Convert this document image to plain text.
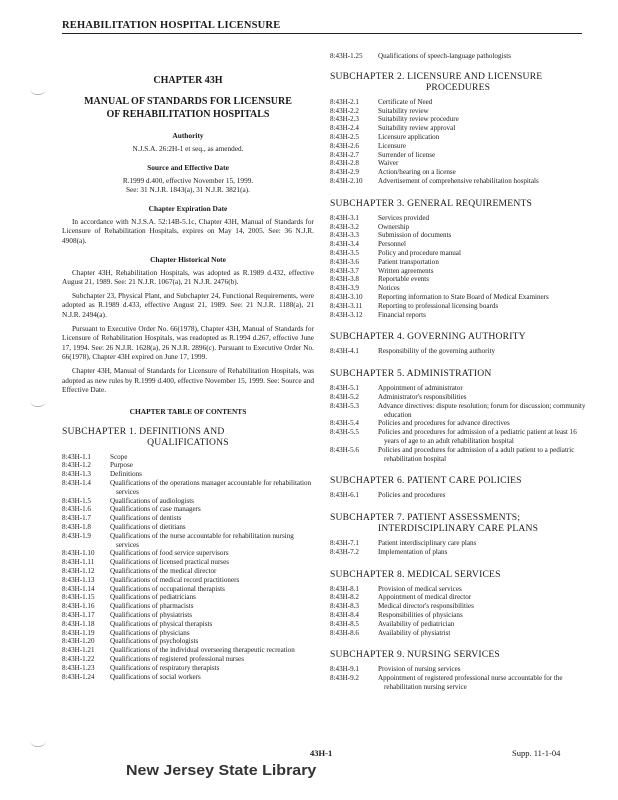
REHABILITATION HOSPITAL LICENSURE
CHAPTER 43H
MANUAL OF STANDARDS FOR LICENSURE
OF REHABILITATION HOSPITALS
Authority
N.J.S.A. 26:2H-1 et seq., as amended.
Source and Effective Date
R.1999 d.400, effective November 15, 1999.
See: 31 N.J.R. 1843(a), 31 N.J.R. 3821(a).
Chapter Expiration Date
In accordance with N.J.S.A. 52:14B-5.1c, Chapter 43H, Manual of Standards for Licensure of Rehabilitation Hospitals, expires on May 14, 2005. See: 36 N.J.R. 4908(a).
Chapter Historical Note
Chapter 43H, Rehabilitation Hospitals, was adopted as R.1989 d.432, effective August 21, 1989. See: 21 N.J.R. 1067(a), 21 N.J.R. 2476(b).
Subchapter 23, Physical Plant, and Subchapter 24, Functional Requirements, were adopted as R.1989 d.433, effective August 21, 1989. See: 21 N.J.R. 1188(a), 21 N.J.R. 2494(a).
Pursuant to Executive Order No. 66(1978), Chapter 43H, Manual of Standards for Licensure of Rehabilitation Hospitals, was readopted as R.1994 d.267, effective June 17, 1994. See: 26 N.J.R. 1628(a), 26 N.J.R. 2896(c). Pursuant to Executive Order No. 66(1978), Chapter 43H expired on June 17, 1999.
Chapter 43H, Manual of Standards for Licensure of Rehabilitation Hospitals, was adopted as new rules by R.1999 d.400, effective November 15, 1999. See: Source and Effective Date.
CHAPTER TABLE OF CONTENTS
SUBCHAPTER 1. DEFINITIONS AND
QUALIFICATIONS
8:43H-1.1	Scope
8:43H-1.2	Purpose
8:43H-1.3	Definitions
8:43H-1.4	Qualifications of the operations manager accountable for rehabilitation services
8:43H-1.5	Qualifications of audiologists
8:43H-1.6	Qualifications of case managers
8:43H-1.7	Qualifications of dentists
8:43H-1.8	Qualifications of dietitians
8:43H-1.9	Qualifications of the nurse accountable for rehabilitation nursing services
8:43H-1.10	Qualifications of food service supervisors
8:43H-1.11	Qualifications of licensed practical nurses
8:43H-1.12	Qualifications of the medical director
8:43H-1.13	Qualifications of medical record practitioners
8:43H-1.14	Qualifications of occupational therapists
8:43H-1.15	Qualifications of pediatricians
8:43H-1.16	Qualifications of pharmacists
8:43H-1.17	Qualifications of physiatrists
8:43H-1.18	Qualifications of physical therapists
8:43H-1.19	Qualifications of physicians
8:43H-1.20	Qualifications of psychologists
8:43H-1.21	Qualifications of the individual overseeing therapeutic recreation
8:43H-1.22	Qualifications of registered professional nurses
8:43H-1.23	Qualifications of respiratory therapists
8:43H-1.24	Qualifications of social workers
8:43H-1.25	Qualifications of speech-language pathologists
SUBCHAPTER 2. LICENSURE AND LICENSURE
PROCEDURES
8:43H-2.1	Certificate of Need
8:43H-2.2	Suitability review
8:43H-2.3	Suitability review procedure
8:43H-2.4	Suitability review approval
8:43H-2.5	Licensure application
8:43H-2.6	Licensure
8:43H-2.7	Surrender of license
8:43H-2.8	Waiver
8:43H-2.9	Action/hearing on a license
8:43H-2.10	Advertisement of comprehensive rehabilitation hospitals
SUBCHAPTER 3. GENERAL REQUIREMENTS
8:43H-3.1	Services provided
8:43H-3.2	Ownership
8:43H-3.3	Submission of documents
8:43H-3.4	Personnel
8:43H-3.5	Policy and procedure manual
8:43H-3.6	Patient transportation
8:43H-3.7	Written agreements
8:43H-3.8	Reportable events
8:43H-3.9	Notices
8:43H-3.10	Reporting information to State Board of Medical Examiners
8:43H-3.11	Reporting to professional licensing boards
8:43H-3.12	Financial reports
SUBCHAPTER 4. GOVERNING AUTHORITY
8:43H-4.1	Responsibility of the governing authority
SUBCHAPTER 5. ADMINISTRATION
8:43H-5.1	Appointment of administrator
8:43H-5.2	Administrator's responsibilities
8:43H-5.3	Advance directives: dispute resolution; forum for discussion; community education
8:43H-5.4	Policies and procedures for advance directives
8:43H-5.5	Policies and procedures for admission of a pediatric patient at least 16 years of age to an adult rehabilitation hospital
8:43H-5.6	Policies and procedures for admission of a adult patient to a pediatric rehabilitation hospital
SUBCHAPTER 6. PATIENT CARE POLICIES
8:43H-6.1	Policies and procedures
SUBCHAPTER 7. PATIENT ASSESSMENTS;
INTERDISCIPLINARY CARE PLANS
8:43H-7.1	Patient interdisciplinary care plans
8:43H-7.2	Implementation of plans
SUBCHAPTER 8. MEDICAL SERVICES
8:43H-8.1	Provision of medical services
8:43H-8.2	Appointment of medical director
8:43H-8.3	Medical director's responsibilities
8:43H-8.4	Responsibilities of physicians
8:43H-8.5	Availability of pediatrician
8:43H-8.6	Availability of physiatrist
SUBCHAPTER 9. NURSING SERVICES
8:43H-9.1	Provision of nursing services
8:43H-9.2	Appointment of registered professional nurse accountable for the rehabilitation nursing service
New Jersey State Library
43H-1	Supp. 11-1-04
